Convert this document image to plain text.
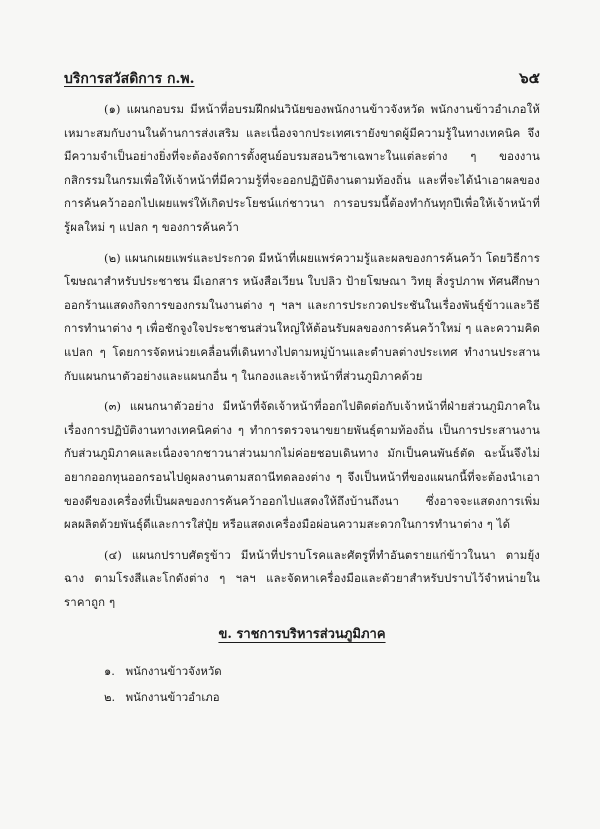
บริการสวัสดิการ ก.พ.	๖๕

(๑) แผนกอบรม มีหน้าที่อบรมฝึกฝนวินัยของพนักงานข้าวจังหวัด พนักงานข้าวอำเภอให้เหมาะสมกับงานในด้านการส่งเสริม และเนื่องจากประเทศเรายังขาดผู้มีความรู้ในทางเทคนิค จึงมีความจำเป็นอย่างยิ่งที่จะต้องจัดการตั้งศูนย์อบรมสอนวิชาเฉพาะในแต่ละต่าง ๆ ของงานกสิกรรมในกรมเพื่อให้เจ้าหน้าที่มีความรู้ที่จะออกปฏิบัติงานตามท้องถิ่น และที่จะได้นำเอาผลของการค้นคว้าออกไปเผยแพร่ให้เกิดประโยชน์แก่ชาวนา การอบรมนี้ต้องทำกันทุกปีเพื่อให้เจ้าหน้าที่รู้ผลใหม่ ๆ แปลก ๆ ของการค้นคว้า

(๒) แผนกเผยแพร่และประกวด มีหน้าที่เผยแพร่ความรู้และผลของการค้นคว้า โดยวิธีการโฆษณาสำหรับประชาชน มีเอกสาร หนังสือเวียน ใบปลิว ป้ายโฆษณา วิทยุ สิ่งรูปภาพ ทัศนศึกษา ออกร้านแสดงกิจการของกรมในงานต่าง ๆ ฯลฯ และการประกวดประชันในเรื่องพันธุ์ข้าวและวิธีการทำนาต่าง ๆ เพื่อชักจูงใจประชาชนส่วนใหญ่ให้ต้อนรับผลของการค้นคว้าใหม่ ๆ และความคิดแปลก ๆ โดยการจัดหน่วยเคลื่อนที่เดินทางไปตามหมู่บ้านและตำบลต่างประเทศ ทำงานประสานกับแผนกนาตัวอย่างและแผนกอื่น ๆ ในกองและเจ้าหน้าที่ส่วนภูมิภาคด้วย

(๓) แผนกนาตัวอย่าง มีหน้าที่จัดเจ้าหน้าที่ออกไปติดต่อกับเจ้าหน้าที่ฝ่ายส่วนภูมิภาคในเรื่องการปฏิบัติงานทางเทคนิคต่าง ๆ ทำการตรวจนาขยายพันธุ์ตามท้องถิ่น เป็นการประสานงานกับส่วนภูมิภาคและเนื่องจากชาวนาส่วนมากไม่ค่อยชอบเดินทาง มักเป็นคนพันธ์ตัด ฉะนั้นจึงไม่อยากออกทุนออกรอนไปดูผลงานตามสถานีทดลองต่าง ๆ จึงเป็นหน้าที่ของแผนกนี้ที่จะต้องนำเอาของดีของเครื่องที่เป็นผลของการค้นคว้าออกไปแสดงให้ถึงบ้านถึงนา ซึ่งอาจจะแสดงการเพิ่มผลผลิตด้วยพันธุ์ดีและการใส่ปุ๋ย หรือแสดงเครื่องมือผ่อนความสะดวกในการทำนาต่าง ๆ ได้

(๔) แผนกปราบศัตรูข้าว มีหน้าที่ปราบโรคและศัตรูที่ทำอันตรายแก่ข้าวในนา ตามยุ้งฉาง ตามโรงสีและโกดังต่าง ๆ ฯลฯ และจัดหาเครื่องมือและตัวยาสำหรับปราบไว้จำหน่ายในราคาถูก ๆ

ข. ราชการบริหารส่วนภูมิภาค
๑. พนักงานข้าวจังหวัด
๒. พนักงานข้าวอำเภอ
